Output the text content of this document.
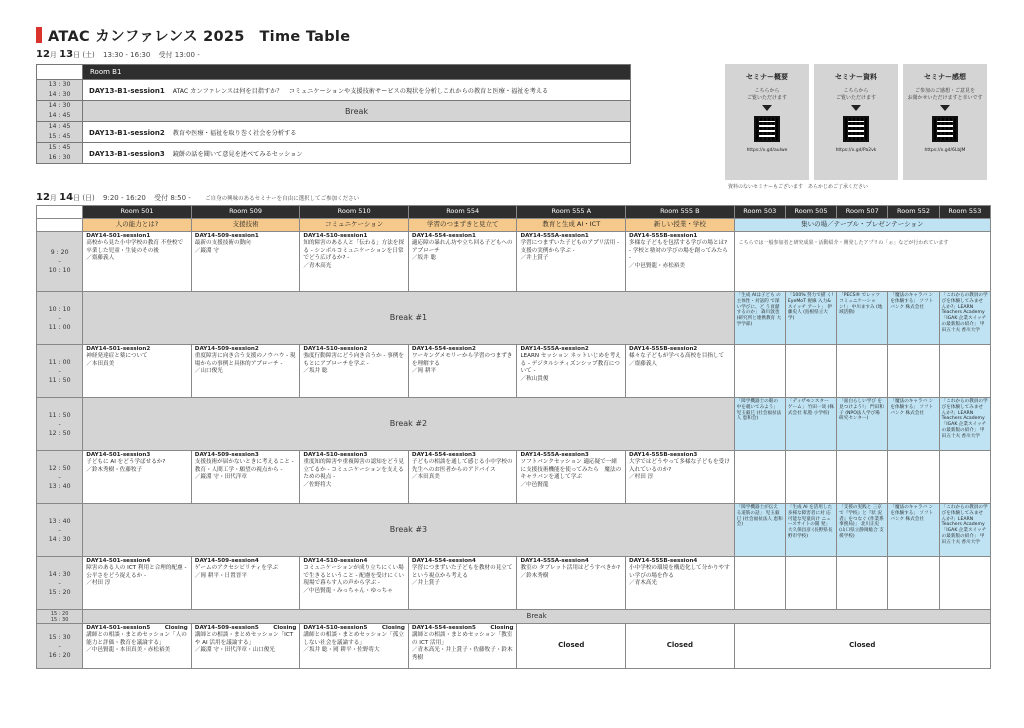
ATAC カンファレンス 2025　Time Table
12月 13日 (土) 13:30 - 16:30 受付 13:00 -
	Room B1
13 : 30
14 : 30	DAY13-B1-session1 ATAC カンファレンスは何を目指すか？　コミュニケーションや支援技術サービスの現状を分析しこれからの教育と医療・福祉を考える
14 : 30
14 : 45	Break
14 : 45
15 : 45	DAY13-B1-session2 教育や医療・福祉を取り巻く社会を分析する
15 : 45
16 : 30	DAY13-B1-session3 鏡餅の話を聞いて意見を述べてみるセッション
セミナー概要
こちらから
ご覧いただけます
https://x.gd/auIwe
セミナー資料
こちらから
ご覧いただけます
https://x.gd/Pa2vk
セミナー感想
ご参加のご感想・ご意見を
お聞かせいただけますと幸いです
https://x.gd/6LbJM
資料のないセミナーもございます　あらかじめご了承ください
12月 14日 (日) 9:20 - 16:20 受付 8:50 -	ご自身の興味のあるセミナーを自由に選択してご参加ください
	Room 501	Room 509	Room 510	Room 554	Room 555 A	Room 555 B	Room 503	Room 505	Room 507	Room 552	Room 553
	人の能力とは?	支援技術	コミュニケーション	学習のつまずきと見立て	教育と生成 AI・ICT	新しい授業・学校	集いの場／テーブル・プレゼンテーション				
9 : 20
-
10 : 10	DAY14-501-session1
高校から見た小中学校の教育 不登校で卒業した児童・生徒のその後
／齋藤義人	DAY14-509-session1
最新の支援技術の動向
／巖淵 守	DAY14-510-session1
知的障害のある人と「伝わる」方法を探る - シンボルコミュニケーションを日常でどう広げるか? -
／青木高光	DAY14-554-session1
適応障の暴れん坊や立ち回る子どもへのアプローチ
／坂井 聡	DAY14-555A-session1
学習につまずいた子どものアプリ活用 - 支援の実例から学ぶ -
／井上賞子	DAY14-555B-session1
多様な子どもを包括する学びの場とは? - 学校と塾対の学びの場を創ってみたら -
／中邑賢龍・赤松裕美	こちらでは一般参加者と研究成果・活動紹介・開発したアプリの「ぉ」などが行われています				
10 : 10
-
11 : 00	Break #1						「生成 AIは子ども の主体性・対話的 で深い学びに、ど う貢献するのか」 森川敦也 (研究所と連携教育 大学学部)	「100% 努力で描 く! EyeMoT 視線 入力&スイッチ アート」 伊藤史人 (島根県立大学)	「PECS® でレッツ コミュニケーショ ン!」 中川ますみ (地域活動)	「魔法のキャラバ ンを体験する」 ソフトバンク 株式会社	「これからの教員の学 びを体験してみませ んか?」LEARN Teachers Academy 「IGAK 企業スイッチ の最新版の紹介」 甲田五十夫 香川大学
11 : 00
-
11 : 50	DAY14-501-session2
神経発達症と薬について
／本田真美	DAY14-509-session2
重度障害に向き合う支援のノウハウ - 現場からの事例と具体的アプローチ -
／山口俊光	DAY14-510-session2
強度行動障害にどう向き合うか - 事例をもとにアプローチを学ぶ -
／坂井 聡	DAY14-554-session2
ワーキングメモリーから学習のつまずきを理解する
／岡 耕平	DAY14-555A-session2
LEARN セッション ネットいじめを考える - デジタルシティズンシップ教育について -
／秋山貴俊	DAY14-555B-session2
様々な子どもが学べる高校を目指して
／齋藤義人					
11 : 50
-
12 : 50	Break #2						「障学機器士の眼の 中を覗いてみよう」 児玉毅巳 (社会福祉法人 恵和会)	「ディザモンスター ゲーム」 竹田一哉 (株式会社 私塾 小学校)	「面白らしい学び を見つけよう!」 門田和子 (NPO法人学び場 研究センター)	「魔法のキャラバ ンを体験する」 ソフトバンク 株式会社	「これからの教員の学 びを体験してみませ んか?」LEARN Teachers Academy 「IGAK 企業スイッチ の最新版の紹介」 甲田五十夫 香川大学
12 : 50
-
13 : 40	DAY14-501-session3
子どもに AI をどう学ばせるか?
／鈴木秀樹・佐藤牧子	DAY14-509-session3
支援技術が届かないときに考えること - 教育・人間工学・願望の視点から -
／巖淵 守・田代洋章	DAY14-510-session3
重度知的障害や重複障害の認知をどう見立てるか - コミュニケーションを支えるための視点 -
／佐野将大	DAY14-554-session3
子どもの相談を通して感じる小中学校の先生へのお医者からのアドバイス
／本田真美	DAY14-555A-session3
ソフトバンクセッション 適応疑で一緒に支援技術機能を使ってみたら　魔法のキャラバンを通して学ぶ
／中邑賢龍	DAY14-555B-session3
大学ではどうやって多様な子どもを受け入れているのか?
／村田 淳					
13 : 40
-
14 : 30	Break #3						「障学機器士が伝え る道筋の話」 児玉毅巳 (社会福祉法人 恵和会)	「生成 AI を活用した 多様な障害者に対 応可能な児童向け ニュースサイトの開 発」 大久保昌彦 (長野県長野市学校)	「支援の実践と 三京で『学校』と『状 況者』をつなぐ (作業系事務局)」 北川正史 (山口県立静岡総合 支援学校)	「魔法のキャラバ ンを体験する」 ソフトバンク 株式会社	「これからの教員の学 びを体験してみませ んか?」LEARN Teachers Academy 「IGAK 企業スイッチ の最新版の紹介」 甲田五十夫 香川大学
14 : 30
-
15 : 20	DAY14-501-session4
障害のある人の ICT 利用と合理的配慮 - 公平さをどう捉えるか -
／村田 淳	DAY14-509-session4
ゲームのアクセシビリティを学ぶ
／岡 耕平・日置晋平	DAY14-510-session4
コミュニケーションが成り立ちにくい場で生きるということ - 配慮を受けにくい現場で暮らす人の声から学ぶ -
／中邑賢龍・みっちゃん・ゆっちゃ	DAY14-554-session4
学習につまずいた子どもを教材の見立てという視点から考える
／井上賞子	DAY14-555A-session4
教室の タブレット活用はどうすべきか?
／鈴木秀樹	DAY14-555B-session4
小中学校の環境を構造化して分かりやすい学びの場を作る
／青木高光					
15 : 20
15 : 30	Break										
15 : 30
-
16 : 20	DAY14-501-session5 Closing
講師との相談・まとめセッション「人の能力と評価・教育を議論する」
／中邑賢龍・本田真美・赤松裕美	DAY14-509-session5 Closing
講師との相談・まとめセッション「ICT や AI 活用を議論する」
／巖淵 守・田代洋章・山口俊光	DAY14-510-session5 Closing
講師との相談・まとめセッション「孤立しない社会を議論する」
／坂井 聡・岡 耕平・佐野将大	DAY14-554-session5 Closing
講師との相談・まとめセッション「教室の ICT 活用」
／青木高光・井上賞子・佐藤牧子・鈴木秀樹	Closed	Closed	Closed				
